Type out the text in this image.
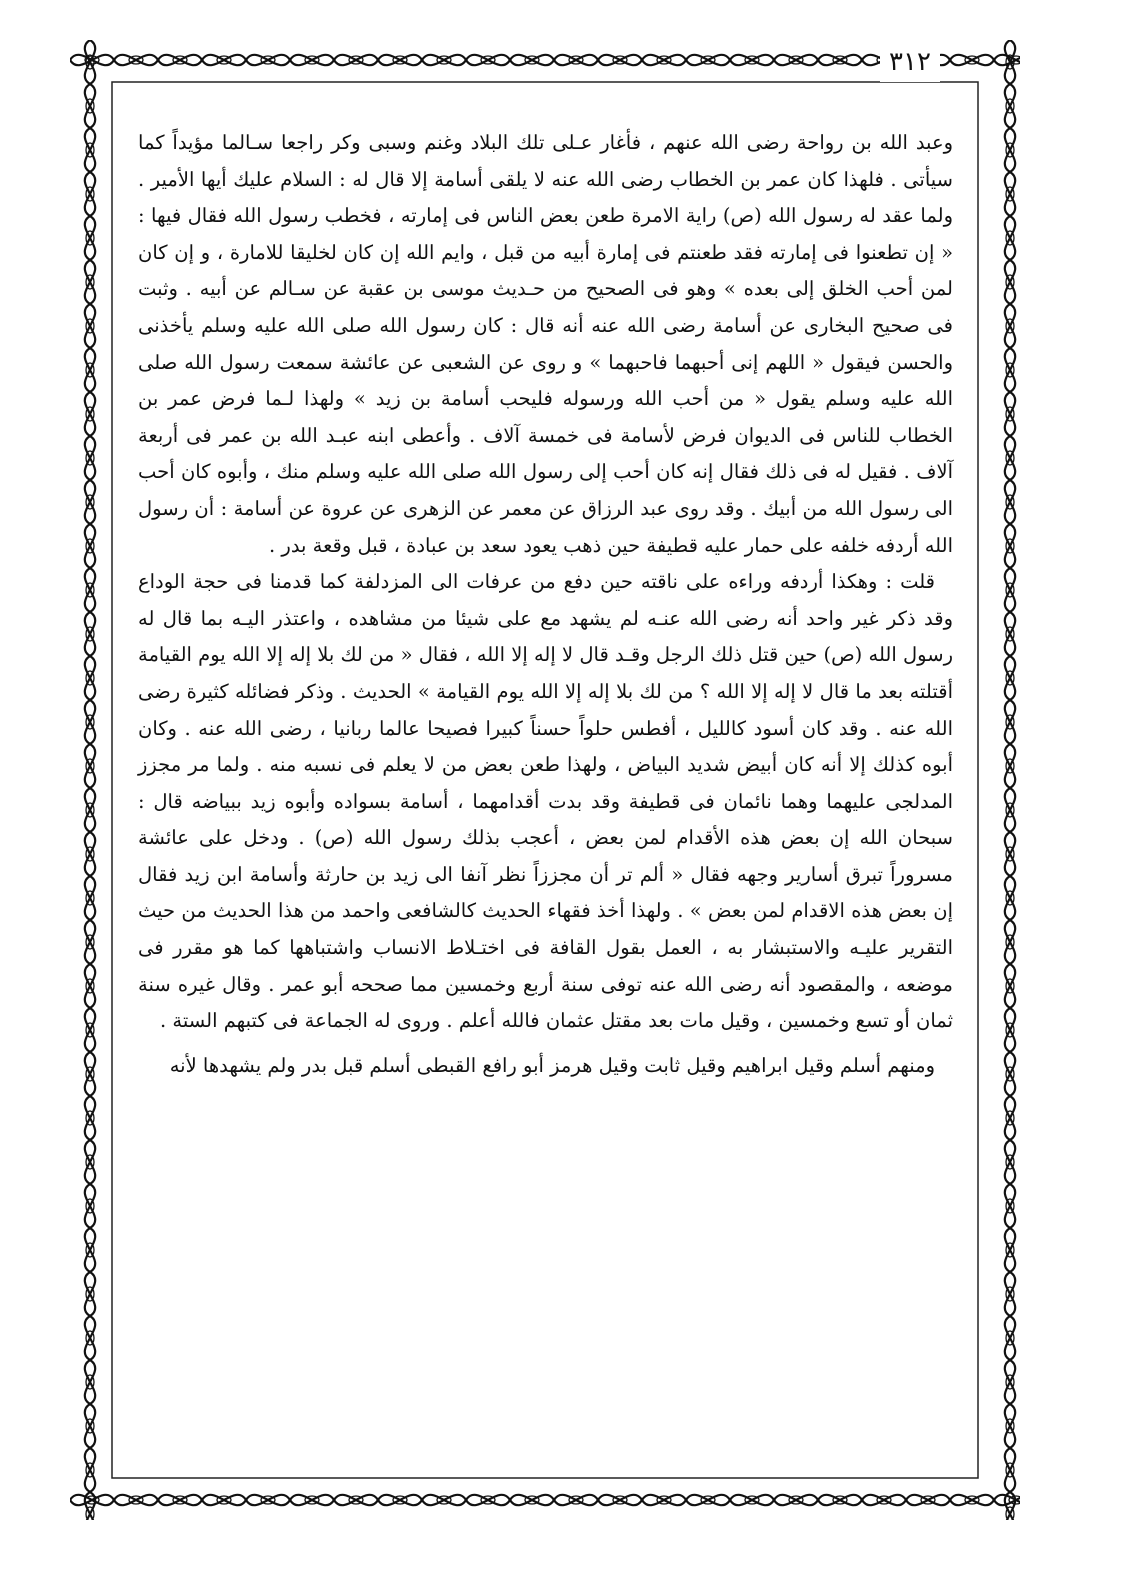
٣١٢

وعبد الله بن رواحة رضى الله عنهم ، فأغار عـلى تلك البلاد وغنم وسبى وكر راجعا سـالما مؤيداً كما سيأتى . فلهذا كان عمر بن الخطاب رضى الله عنه لا يلقى أسامة إلا قال له : السلام عليك أيها الأمير . ولما عقد له رسول الله (ص) راية الامرة طعن بعض الناس فى إمارته ، فخطب رسول الله فقال فيها : « إن تطعنوا فى إمارته فقد طعنتم فى إمارة أبيه من قبل ، وايم الله إن كان لخليقا للامارة ، و إن كان لمن أحب الخلق إلى بعده » وهو فى الصحيح من حـديث موسى بن عقبة عن سـالم عن أبيه . وثبت فى صحيح البخارى عن أسامة رضى الله عنه أنه قال : كان رسول الله صلى الله عليه وسلم يأخذنى والحسن فيقول « اللهم إنى أحبهما فاحبهما » و روى عن الشعبى عن عائشة سمعت رسول الله صلى الله عليه وسلم يقول « من أحب الله ورسوله فليحب أسامة بن زيد » ولهذا لـما فرض عمر بن الخطاب للناس فى الديوان فرض لأسامة فى خمسة آلاف . وأعطى ابنه عبـد الله بن عمر فى أربعة آلاف . فقيل له فى ذلك فقال إنه كان أحب إلى رسول الله صلى الله عليه وسلم منك ، وأبوه كان أحب الى رسول الله من أبيك . وقد روى عبد الرزاق عن معمر عن الزهرى عن عروة عن أسامة : أن رسول الله أردفه خلفه على حمار عليه قطيفة حين ذهب يعود سعد بن عبادة ، قبل وقعة بدر .

قلت : وهكذا أردفه وراءه على ناقته حين دفع من عرفات الى المزدلفة كما قدمنا فى حجة الوداع وقد ذكر غير واحد أنه رضى الله عنـه لم يشهد مع على شيئا من مشاهده ، واعتذر اليـه بما قال له رسول الله (ص) حين قتل ذلك الرجل وقـد قال لا إله إلا الله ، فقال « من لك بلا إله إلا الله يوم القيامة أقتلته بعد ما قال لا إله إلا الله ؟ من لك بلا إله إلا الله يوم القيامة » الحديث . وذكر فضائله كثيرة رضى الله عنه . وقد كان أسود كالليل ، أفطس حلواً حسناً كبيرا فصيحا عالما ربانيا ، رضى الله عنه . وكان أبوه كذلك إلا أنه كان أبيض شديد البياض ، ولهذا طعن بعض من لا يعلم فى نسبه منه . ولما مر مجزز المدلجى عليهما وهما نائمان فى قطيفة وقد بدت أقدامهما ، أسامة بسواده وأبوه زيد ببياضه قال : سبحان الله إن بعض هذه الأقدام لمن بعض ، أعجب بذلك رسول الله (ص) . ودخل على عائشة مسروراً تبرق أسارير وجهه فقال « ألم تر أن مجززاً نظر آنفا الى زيد بن حارثة وأسامة ابن زيد فقال إن بعض هذه الاقدام لمن بعض » . ولهذا أخذ فقهاء الحديث كالشافعى واحمد من هذا الحديث من حيث التقرير عليـه والاستبشار به ، العمل بقول القافة فى اختـلاط الانساب واشتباهها كما هو مقرر فى موضعه ، والمقصود أنه رضى الله عنه توفى سنة أربع وخمسين مما صححه أبو عمر . وقال غيره سنة ثمان أو تسع وخمسين ، وقيل مات بعد مقتل عثمان فالله أعلم . وروى له الجماعة فى كتبهم الستة .

ومنهم أسلم وقيل ابراهيم وقيل ثابت وقيل هرمز أبو رافع القبطى أسلم قبل بدر ولم يشهدها لأنه
